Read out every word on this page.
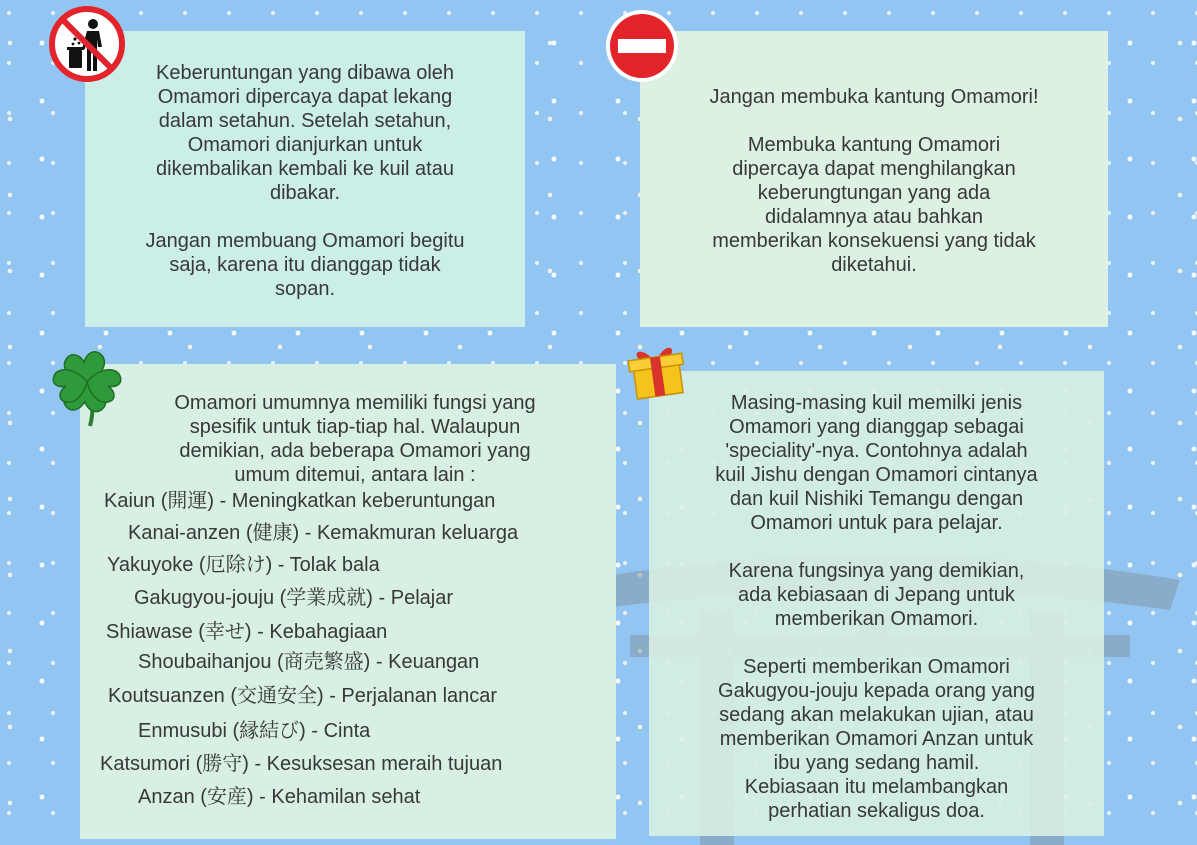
Keberuntungan yang dibawa oleh
Omamori dipercaya dapat lekang
dalam setahun. Setelah setahun,
Omamori dianjurkan untuk
dikembalikan kembali ke kuil atau
dibakar.

Jangan membuang Omamori begitu
saja, karena itu dianggap tidak
sopan.

Jangan membuka kantung Omamori!

Membuka kantung Omamori
dipercaya dapat menghilangkan
keberungtungan yang ada
didalamnya atau bahkan
memberikan konsekuensi yang tidak
diketahui.

Omamori umumnya memiliki fungsi yang
spesifik untuk tiap-tiap hal. Walaupun
demikian, ada beberapa Omamori yang
umum ditemui, antara lain :
Kaiun (開運) - Meningkatkan keberuntungan
Kanai-anzen (健康) - Kemakmuran keluarga
Yakuyoke (厄除け) - Tolak bala
Gakugyou-jouju (学業成就) - Pelajar
Shiawase (幸せ) - Kebahagiaan
Shoubaihanjou (商売繁盛) - Keuangan
Koutsuanzen (交通安全) - Perjalanan lancar
Enmusubi (縁結び) - Cinta
Katsumori (勝守) - Kesuksesan meraih tujuan
Anzan (安産) - Kehamilan sehat

Masing-masing kuil memilki jenis
Omamori yang dianggap sebagai
'speciality'-nya. Contohnya adalah
kuil Jishu dengan Omamori cintanya
dan kuil Nishiki Temangu dengan
Omamori untuk para pelajar.

Karena fungsinya yang demikian,
ada kebiasaan di Jepang untuk
memberikan Omamori.

Seperti memberikan Omamori
Gakugyou-jouju kepada orang yang
sedang akan melakukan ujian, atau
memberikan Omamori Anzan untuk
ibu yang sedang hamil.
Kebiasaan itu melambangkan
perhatian sekaligus doa.
